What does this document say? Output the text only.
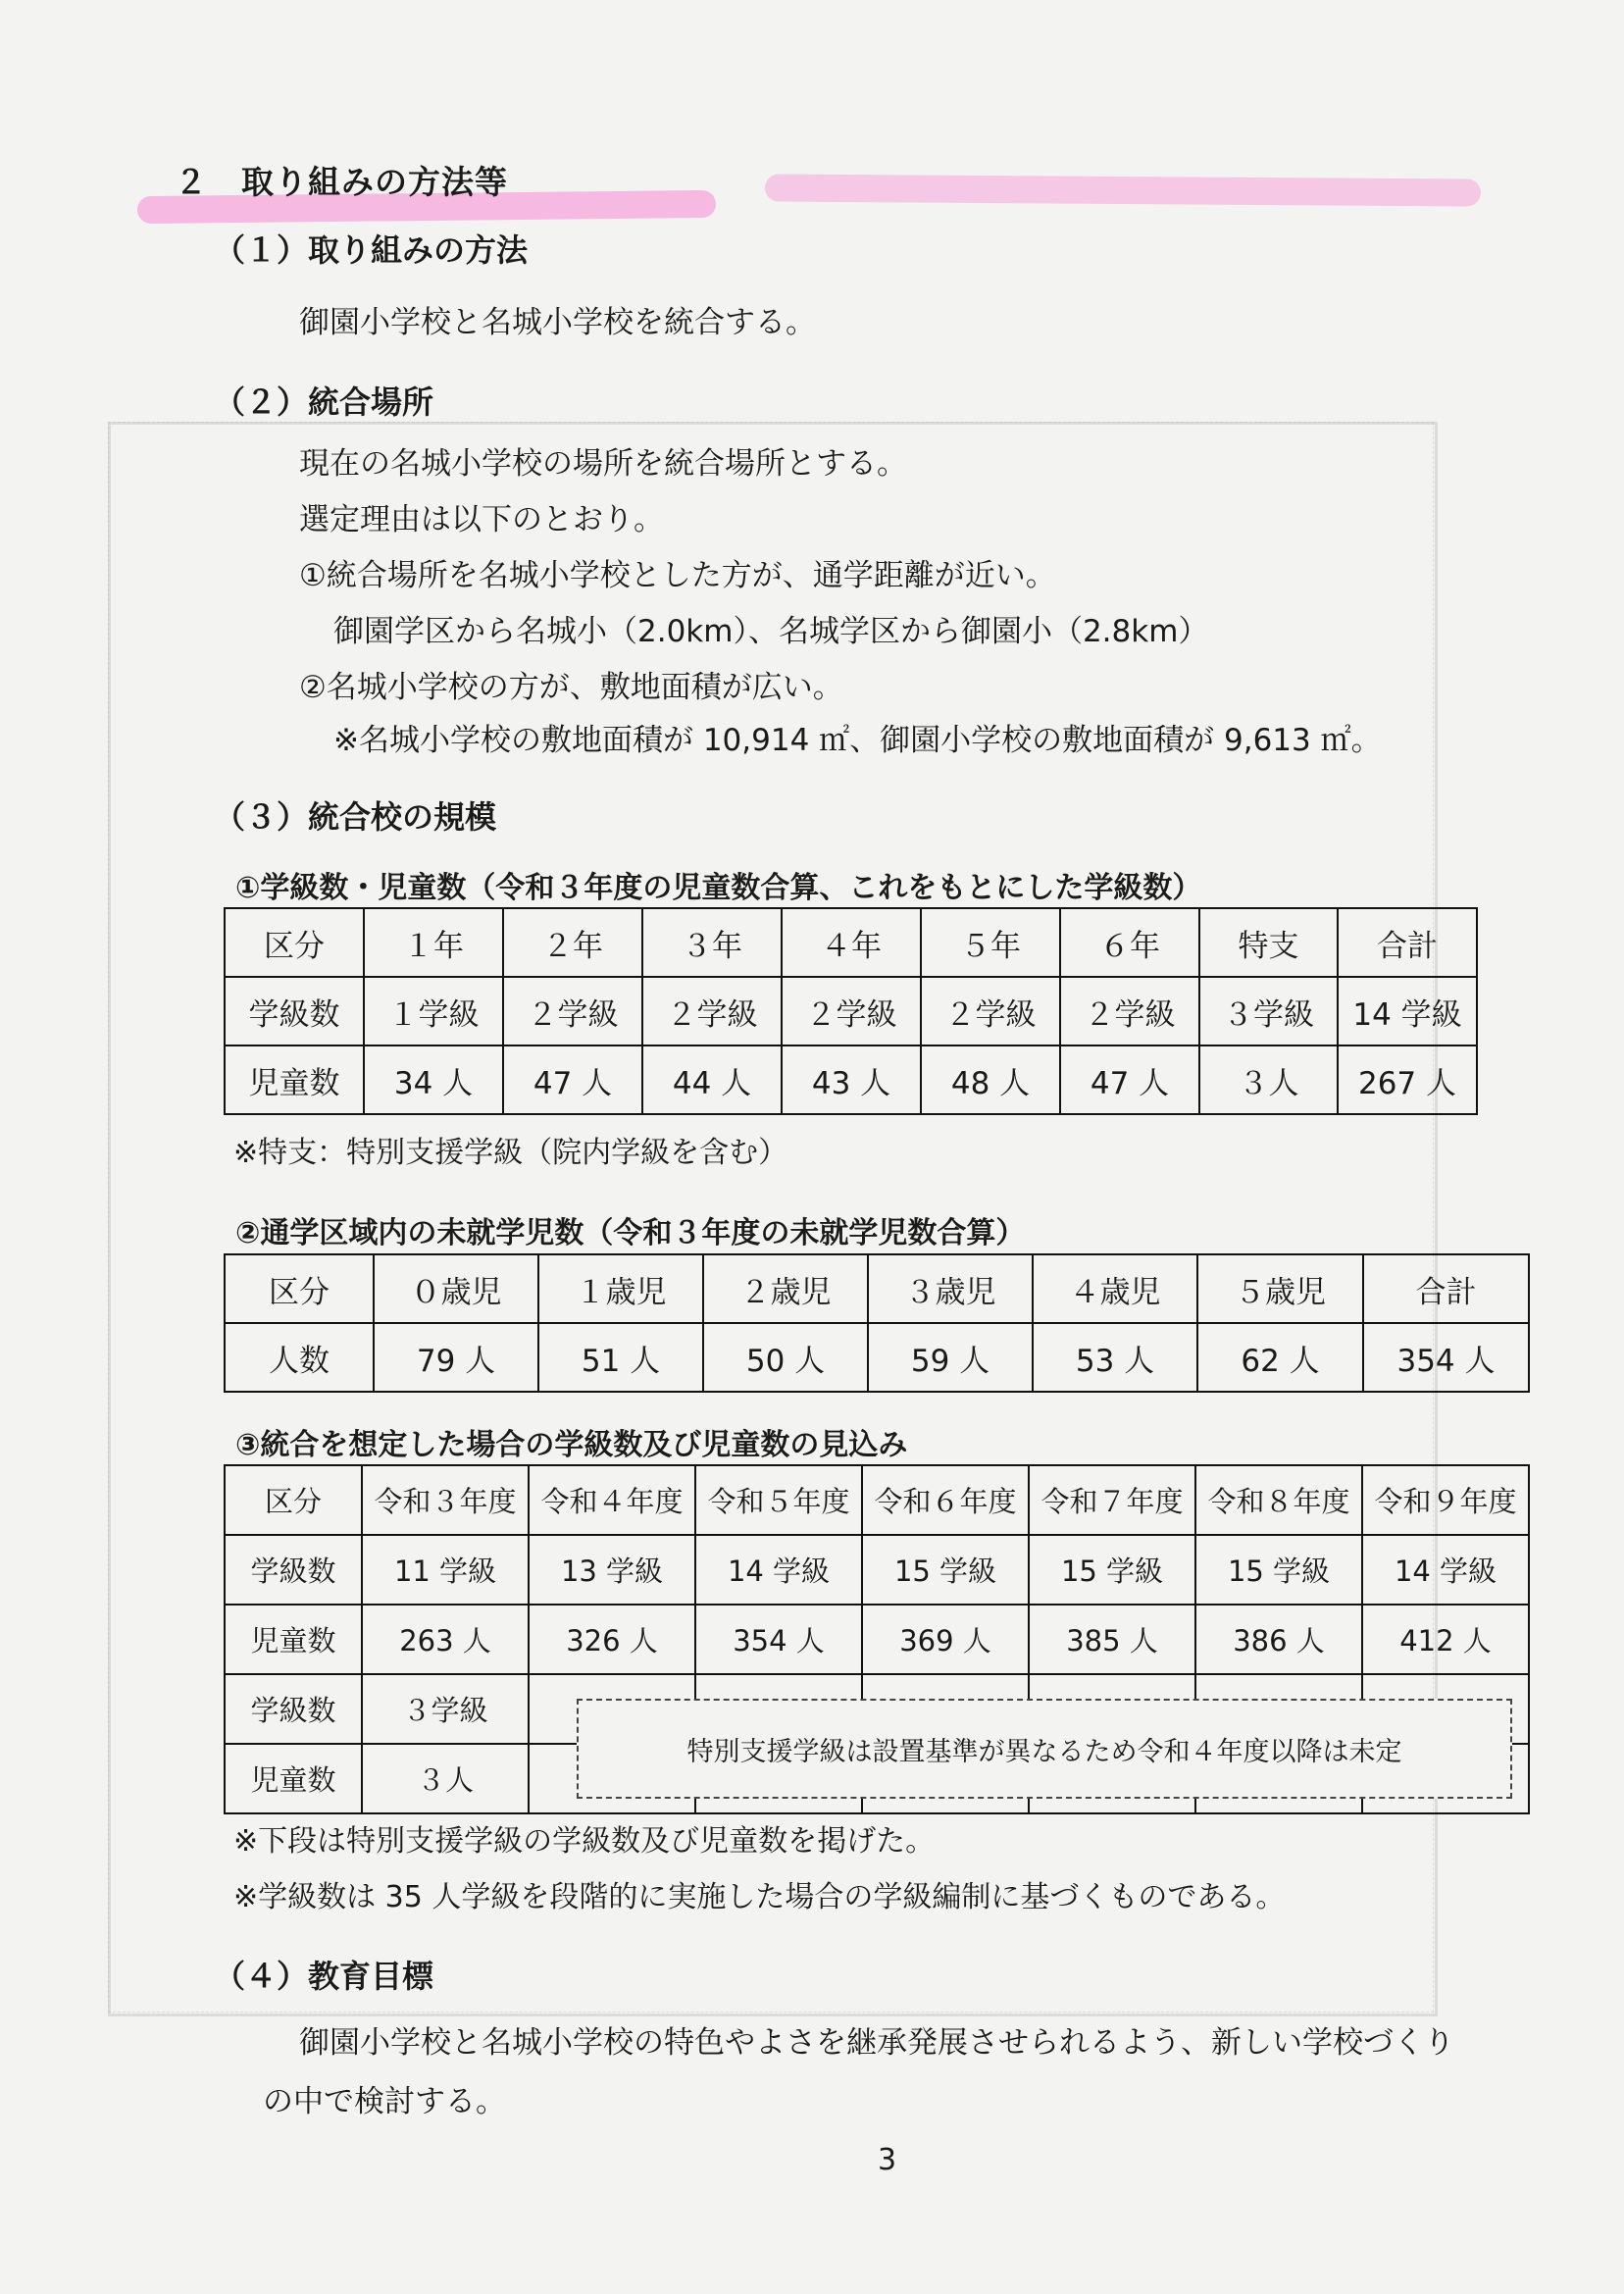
２　取り組みの方法等
（１）取り組みの方法
御園小学校と名城小学校を統合する。
（２）統合場所
現在の名城小学校の場所を統合場所とする。
選定理由は以下のとおり。
①統合場所を名城小学校とした方が、通学距離が近い。
御園学区から名城小（2.0km）、名城学区から御園小（2.8km）
②名城小学校の方が、敷地面積が広い。
※名城小学校の敷地面積が 10,914 ㎡、御園小学校の敷地面積が 9,613 ㎡。
（３）統合校の規模
①学級数・児童数（令和３年度の児童数合算、これをもとにした学級数）
区分	１年	２年	３年	４年	５年	６年	特支	合計
学級数	１学級	２学級	２学級	２学級	２学級	２学級	３学級	14 学級
児童数	34 人	47 人	44 人	43 人	48 人	47 人	３人	267 人
※特支：特別支援学級（院内学級を含む）
②通学区域内の未就学児数（令和３年度の未就学児数合算）
区分	０歳児	１歳児	２歳児	３歳児	４歳児	５歳児	合計
人数	79 人	51 人	50 人	59 人	53 人	62 人	354 人
③統合を想定した場合の学級数及び児童数の見込み
区分	令和３年度	令和４年度	令和５年度	令和６年度	令和７年度	令和８年度	令和９年度
学級数	11 学級	13 学級	14 学級	15 学級	15 学級	15 学級	14 学級
児童数	263 人	326 人	354 人	369 人	385 人	386 人	412 人
学級数	３学級						
児童数	３人						
特別支援学級は設置基準が異なるため令和４年度以降は未定
※下段は特別支援学級の学級数及び児童数を掲げた。
※学級数は 35 人学級を段階的に実施した場合の学級編制に基づくものである。
（４）教育目標
御園小学校と名城小学校の特色やよさを継承発展させられるよう、新しい学校づくり
の中で検討する。
3
